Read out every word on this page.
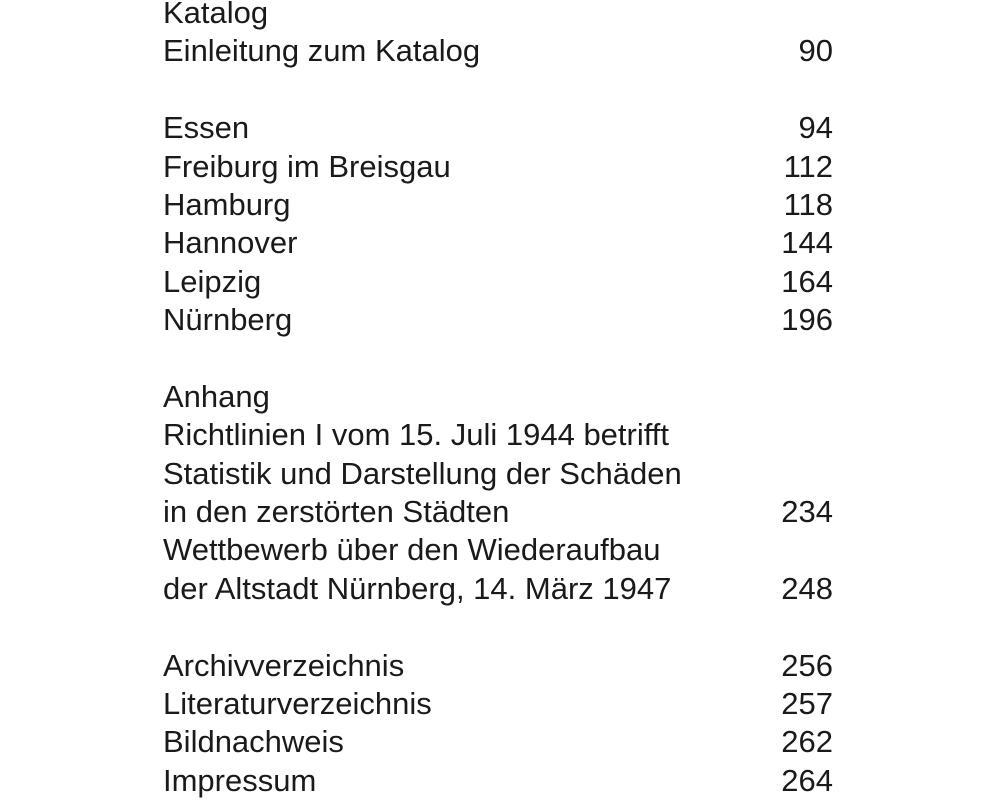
Katalog
Einleitung zum Katalog	90
Essen	94
Freiburg im Breisgau	112
Hamburg	118
Hannover	144
Leipzig	164
Nürnberg	196
Anhang
Richtlinien I vom 15. Juli 1944 betrifft
Statistik und Darstellung der Schäden
in den zerstörten Städten	234
Wettbewerb über den Wiederaufbau
der Altstadt Nürnberg, 14. März 1947	248
Archivverzeichnis	256
Literaturverzeichnis	257
Bildnachweis	262
Impressum	264
